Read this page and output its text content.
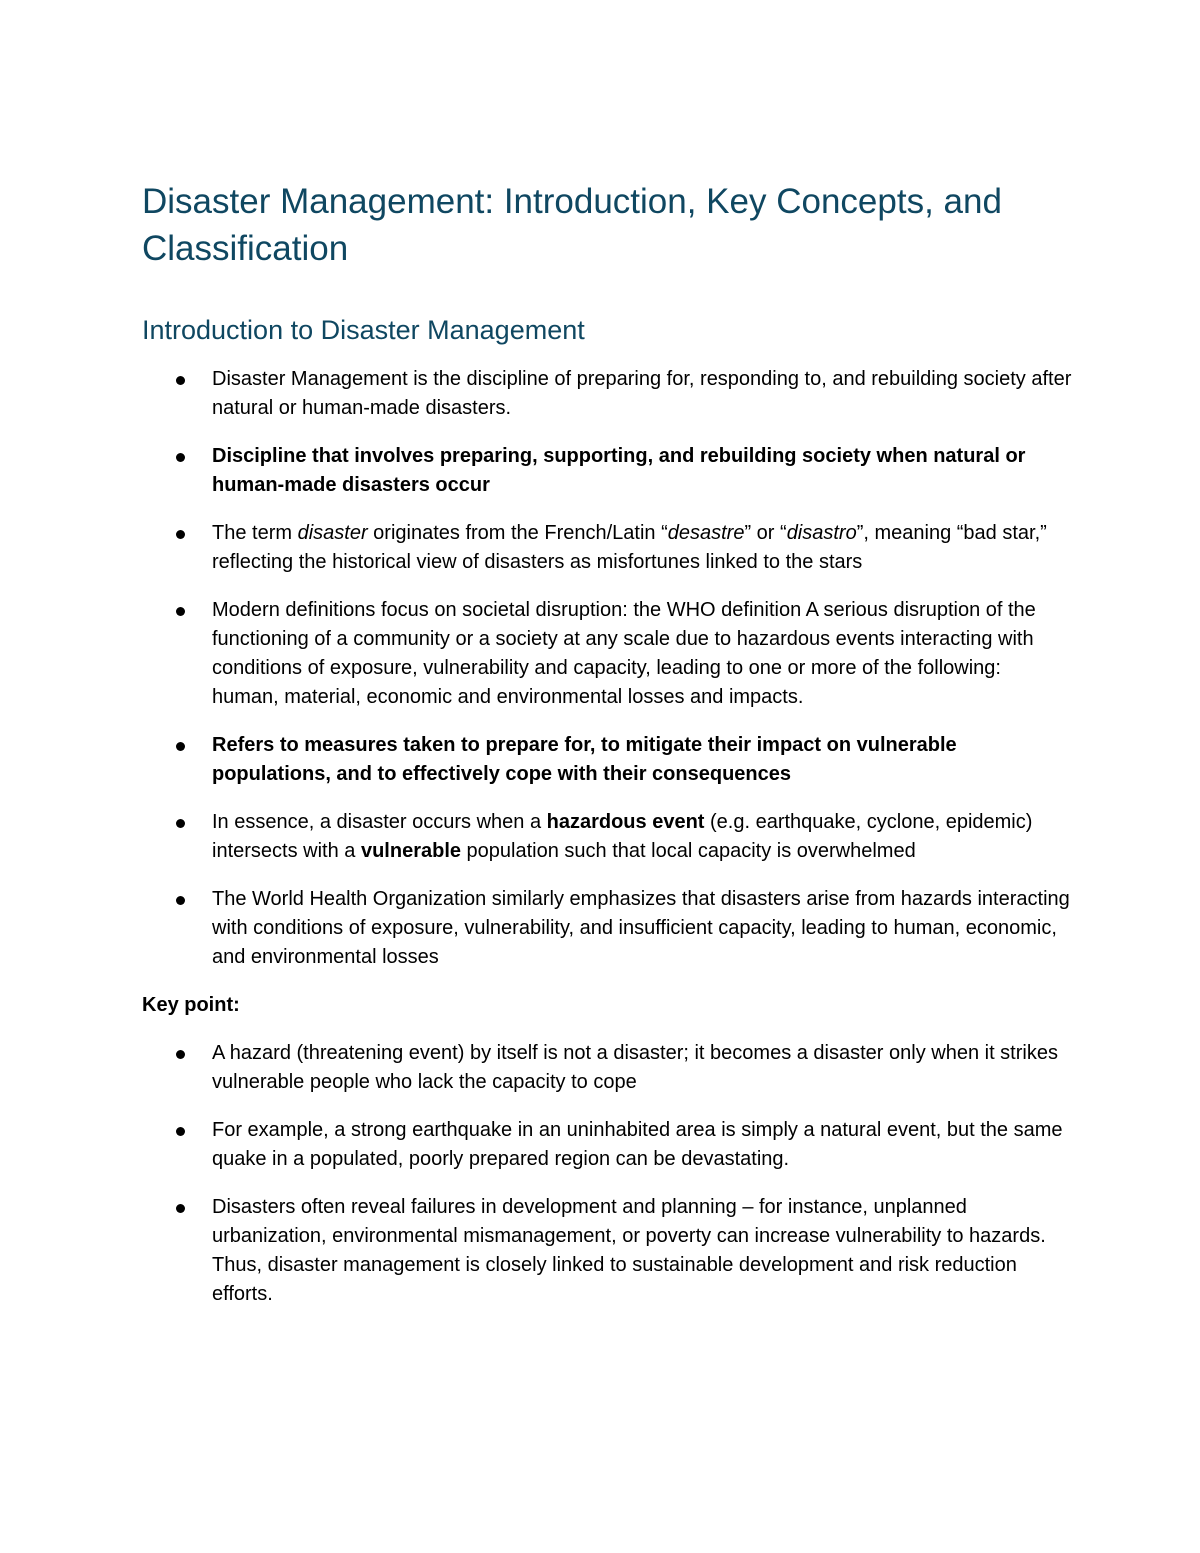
Disaster Management: Introduction, Key Concepts, and Classification
Introduction to Disaster Management
Disaster Management is the discipline of preparing for, responding to, and rebuilding society after natural or human-made disasters.
Discipline that involves preparing, supporting, and rebuilding society when natural or human-made disasters occur
The term disaster originates from the French/Latin “desastre” or “disastro”, meaning “bad star,” reflecting the historical view of disasters as misfortunes linked to the stars
Modern definitions focus on societal disruption: the WHO definition A serious disruption of the functioning of a community or a society at any scale due to hazardous events interacting with conditions of exposure, vulnerability and capacity, leading to one or more of the following: human, material, economic and environmental losses and impacts.
Refers to measures taken to prepare for, to mitigate their impact on vulnerable populations, and to effectively cope with their consequences
In essence, a disaster occurs when a hazardous event (e.g. earthquake, cyclone, epidemic) intersects with a vulnerable population such that local capacity is overwhelmed
The World Health Organization similarly emphasizes that disasters arise from hazards interacting with conditions of exposure, vulnerability, and insufficient capacity, leading to human, economic, and environmental losses

Key point:

A hazard (threatening event) by itself is not a disaster; it becomes a disaster only when it strikes vulnerable people who lack the capacity to cope
For example, a strong earthquake in an uninhabited area is simply a natural event, but the same quake in a populated, poorly prepared region can be devastating.
Disasters often reveal failures in development and planning – for instance, unplanned urbanization, environmental mismanagement, or poverty can increase vulnerability to hazards. Thus, disaster management is closely linked to sustainable development and risk reduction efforts.
